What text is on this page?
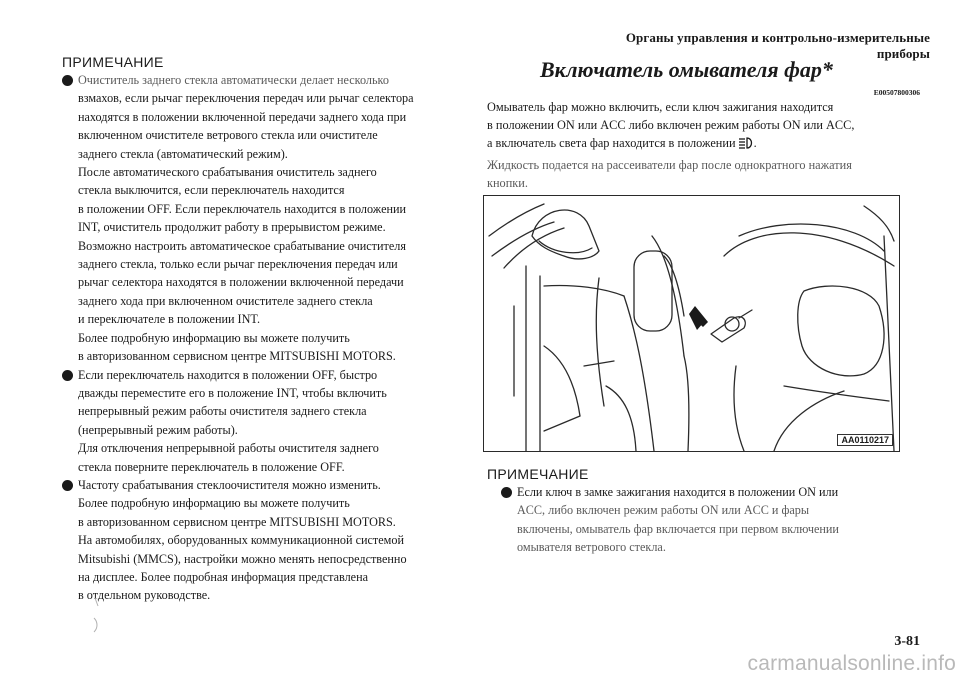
Органы управления и контрольно-измерительные приборы
ПРИМЕЧАНИЕ
Очиститель заднего стекла автоматически делает несколько
взмахов, если рычаг переключения передач или рычаг селектора
находятся в положении включенной передачи заднего хода при
включенном очистителе ветрового стекла или очистителе
заднего стекла (автоматический режим).
После автоматического срабатывания очиститель заднего
стекла выключится, если переключатель находится
в положении OFF. Если переключатель находится в положении
INT, очиститель продолжит работу в прерывистом режиме.
Возможно настроить автоматическое срабатывание очистителя
заднего стекла, только если рычаг переключения передач или
рычаг селектора находятся в положении включенной передачи
заднего хода при включенном очистителе заднего стекла
и переключателе в положении INT.
Более подробную информацию вы можете получить
в авторизованном сервисном центре MITSUBISHI MOTORS.
Если переключатель находится в положении OFF, быстро
дважды переместите его в положение INT, чтобы включить
непрерывный режим работы очистителя заднего стекла
(непрерывный режим работы).
Для отключения непрерывной работы очистителя заднего
стекла поверните переключатель в положение OFF.
Частоту срабатывания стеклоочистителя можно изменить.
Более подробную информацию вы можете получить
в авторизованном сервисном центре MITSUBISHI MOTORS.
На автомобилях, оборудованных коммуникационной системой
Mitsubishi (MMCS), настройки можно менять непосредственно
на дисплее. Более подробная информация представлена
в отдельном руководстве.
Включатель омывателя фар*
E00507800306
Омыватель фар можно включить, если ключ зажигания находится
в положении ON или ACC либо включен режим работы ON или ACC,
а включатель света фар находится в положении .
Жидкость подается на рассеиватели фар после однократного нажатия
кнопки.
AA0110217
ПРИМЕЧАНИЕ
Если ключ в замке зажигания находится в положении ON или
ACC, либо включен режим работы ON или ACC и фары
включены, омыватель фар включается при первом включении
омывателя ветрового стекла.
3-81
carmanualsonline.info
